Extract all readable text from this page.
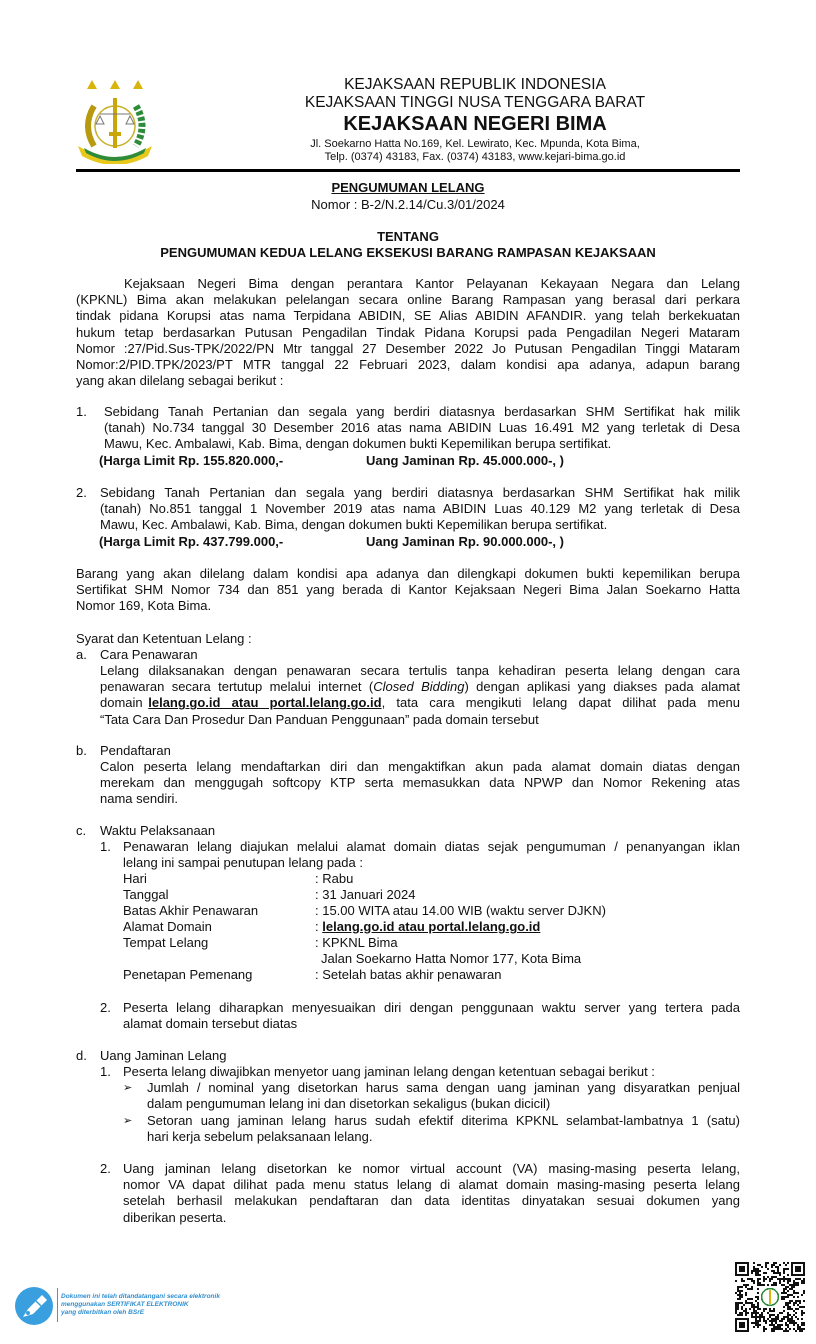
KEJAKSAAN REPUBLIK INDONESIA
KEJAKSAAN TINGGI NUSA TENGGARA BARAT
KEJAKSAAN NEGERI BIMA
Jl. Soekarno Hatta No.169, Kel. Lewirato, Kec. Mpunda, Kota Bima,
Telp. (0374) 43183, Fax. (0374) 43183, www.kejari-bima.go.id
PENGUMUMAN LELANG
Nomor : B-2/N.2.14/Cu.3/01/2024
TENTANG
PENGUMUMAN KEDUA LELANG EKSEKUSI BARANG RAMPASAN KEJAKSAAN
Kejaksaan Negeri Bima dengan perantara Kantor Pelayanan Kekayaan Negara dan Lelang
(KPKNL) Bima akan melakukan pelelangan secara online Barang Rampasan yang berasal dari perkara
tindak pidana Korupsi atas nama Terpidana ABIDIN, SE Alias ABIDIN AFANDIR. yang telah berkekuatan
hukum tetap berdasarkan Putusan Pengadilan Tindak Pidana Korupsi pada Pengadilan Negeri Mataram
Nomor :27/Pid.Sus-TPK/2022/PN Mtr tanggal 27 Desember 2022 Jo Putusan Pengadilan Tinggi Mataram
Nomor:2/PID.TPK/2023/PT MTR tanggal 22 Februari 2023, dalam kondisi apa adanya, adapun barang
yang akan dilelang sebagai berikut :
1. Sebidang Tanah Pertanian dan segala yang berdiri diatasnya berdasarkan SHM Sertifikat hak milik
(tanah) No.734 tanggal 30 Desember 2016 atas nama ABIDIN Luas 16.491 M2 yang terletak di Desa
Mawu, Kec. Ambalawi, Kab. Bima, dengan dokumen bukti Kepemilikan berupa sertifikat.
(Harga Limit Rp. 155.820.000,-	Uang Jaminan Rp. 45.000.000-, )
2. Sebidang Tanah Pertanian dan segala yang berdiri diatasnya berdasarkan SHM Sertifikat hak milik
(tanah) No.851 tanggal 1 November 2019 atas nama ABIDIN Luas 40.129 M2 yang terletak di Desa
Mawu, Kec. Ambalawi, Kab. Bima, dengan dokumen bukti Kepemilikan berupa sertifikat.
(Harga Limit Rp. 437.799.000,-	Uang Jaminan Rp. 90.000.000-, )
Barang yang akan dilelang dalam kondisi apa adanya dan dilengkapi dokumen bukti kepemilikan berupa
Sertifikat SHM Nomor 734 dan 851 yang berada di Kantor Kejaksaan Negeri Bima Jalan Soekarno Hatta
Nomor 169, Kota Bima.
Syarat dan Ketentuan Lelang :
a. Cara Penawaran
Lelang dilaksanakan dengan penawaran secara tertulis tanpa kehadiran peserta lelang dengan cara
penawaran secara tertutup melalui internet (Closed Bidding) dengan aplikasi yang diakses pada alamat
domain lelang.go.id  atau  portal.lelang.go.id,  tata  cara  mengikuti  lelang  dapat  dilihat  pada  menu
“Tata Cara Dan Prosedur Dan Panduan Penggunaan” pada domain tersebut
b. Pendaftaran
Calon peserta lelang mendaftarkan diri dan mengaktifkan akun pada alamat domain diatas dengan
merekam dan menggugah softcopy KTP serta memasukkan data NPWP dan Nomor Rekening atas
nama sendiri.
c. Waktu Pelaksanaan
1. Penawaran lelang diajukan melalui alamat domain diatas sejak pengumuman / penanyangan iklan
lelang ini sampai penutupan lelang pada :
Hari	: Rabu
Tanggal	: 31 Januari 2024
Batas Akhir Penawaran	: 15.00 WITA atau 14.00 WIB (waktu server DJKN)
Alamat Domain	: lelang.go.id atau portal.lelang.go.id
Tempat Lelang	: KPKNL Bima
Jalan Soekarno Hatta Nomor 177, Kota Bima
Penetapan Pemenang	: Setelah batas akhir penawaran
2. Peserta lelang diharapkan menyesuaikan diri dengan penggunaan waktu server yang tertera pada
alamat domain tersebut diatas
d. Uang Jaminan Lelang
1. Peserta lelang diwajibkan menyetor uang jaminan lelang dengan ketentuan sebagai berikut :
➢ Jumlah / nominal yang disetorkan harus sama dengan uang jaminan yang disyaratkan penjual
dalam pengumuman lelang ini dan disetorkan sekaligus (bukan dicicil)
➢ Setoran uang jaminan lelang harus sudah efektif diterima KPKNL selambat-lambatnya 1 (satu)
hari kerja sebelum pelaksanaan lelang.
2. Uang jaminan lelang disetorkan ke nomor virtual account (VA) masing-masing peserta lelang,
nomor VA dapat dilihat pada menu status lelang di alamat domain masing-masing peserta lelang
setelah berhasil melakukan pendaftaran dan data identitas dinyatakan sesuai dokumen yang
diberikan peserta.
Dokumen ini telah ditandatangani secara elektronik
menggunakan SERTIFIKAT ELEKTRONIK
yang diterbitkan oleh BSrE
